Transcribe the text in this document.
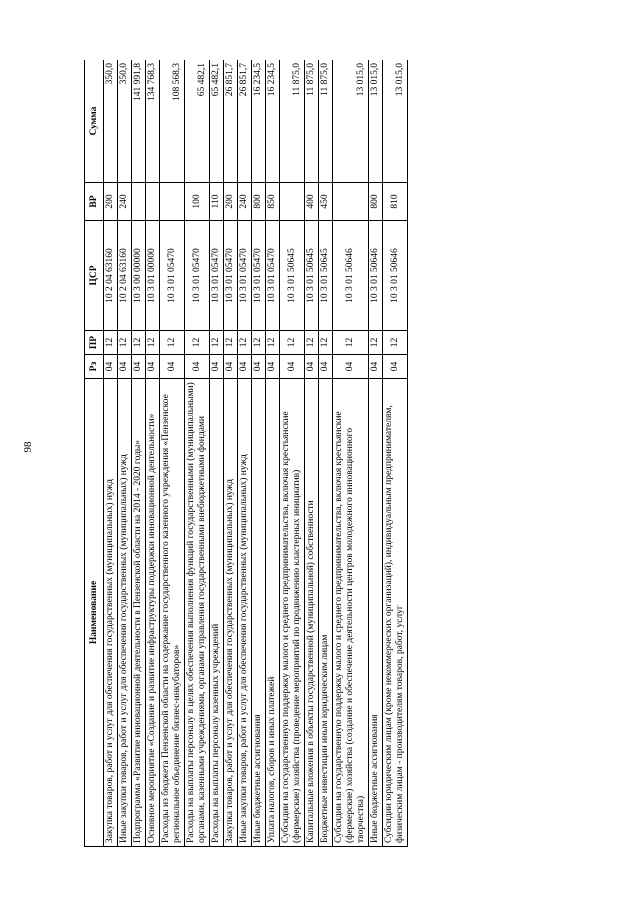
98
Наименование	Рз	ПР	ЦСР	ВР	Сумма
Закупка товаров, работ и услуг для обеспечения государственных (муниципальных) нужд	04	12	10 2 04 63160	200	350,0
Иные закупки товаров, работ и услуг для обеспечения государственных (муниципальных) нужд	04	12	10 2 04 63160	240	350,0
Подпрограмма «Развитие инновационной деятельности в Пензенской области на 2014 - 2020 годы»	04	12	10 3 00 00000		141 991,8
Основное мероприятие «Создание и развитие инфраструктуры поддержки инновационной деятельности»	04	12	10 3 01 00000		134 768,3
Расходы из бюджета Пензенской области на содержание государственного казенного учреждения «Пензенское региональное объединение бизнес-инкубаторов»	04	12	10 3 01 05470		108 568,3
Расходы на выплаты персоналу в целях обеспечения выполнения функций государственными (муниципальными) органами, казенными учреждениями, органами управления государственными внебюджетными фондами	04	12	10 3 01 05470	100	65 482,1
Расходы на выплаты персоналу казенных учреждений	04	12	10 3 01 05470	110	65 482,1
Закупка товаров, работ и услуг для обеспечения государственных (муниципальных) нужд	04	12	10 3 01 05470	200	26 851,7
Иные закупки товаров, работ и услуг для обеспечения государственных (муниципальных) нужд	04	12	10 3 01 05470	240	26 851,7
Иные бюджетные ассигнования	04	12	10 3 01 05470	800	16 234,5
Уплата налогов, сборов и иных платежей	04	12	10 3 01 05470	850	16 234,5
Субсидии на государственную поддержку малого и среднего предпринимательства, включая крестьянские (фермерские) хозяйства (проведение мероприятий по продвижению кластерных инициатив)	04	12	10 3 01 50645		11 875,0
Капитальные вложения в объекты государственной (муниципальной) собственности	04	12	10 3 01 50645	400	11 875,0
Бюджетные инвестиции иным юридическим лицам	04	12	10 3 01 50645	450	11 875,0
Субсидии на государственную поддержку малого и среднего предпринимательства, включая крестьянские (фермерские) хозяйства (создание и обеспечение деятельности центров молодежного инновационного творчества)	04	12	10 3 01 50646		13 015,0
Иные бюджетные ассигнования	04	12	10 3 01 50646	800	13 015,0
Субсидии юридическим лицам (кроме некоммерческих организаций), индивидуальным предпринимателям, физическим лицам - производителям товаров, работ, услуг	04	12	10 3 01 50646	810	13 015,0
